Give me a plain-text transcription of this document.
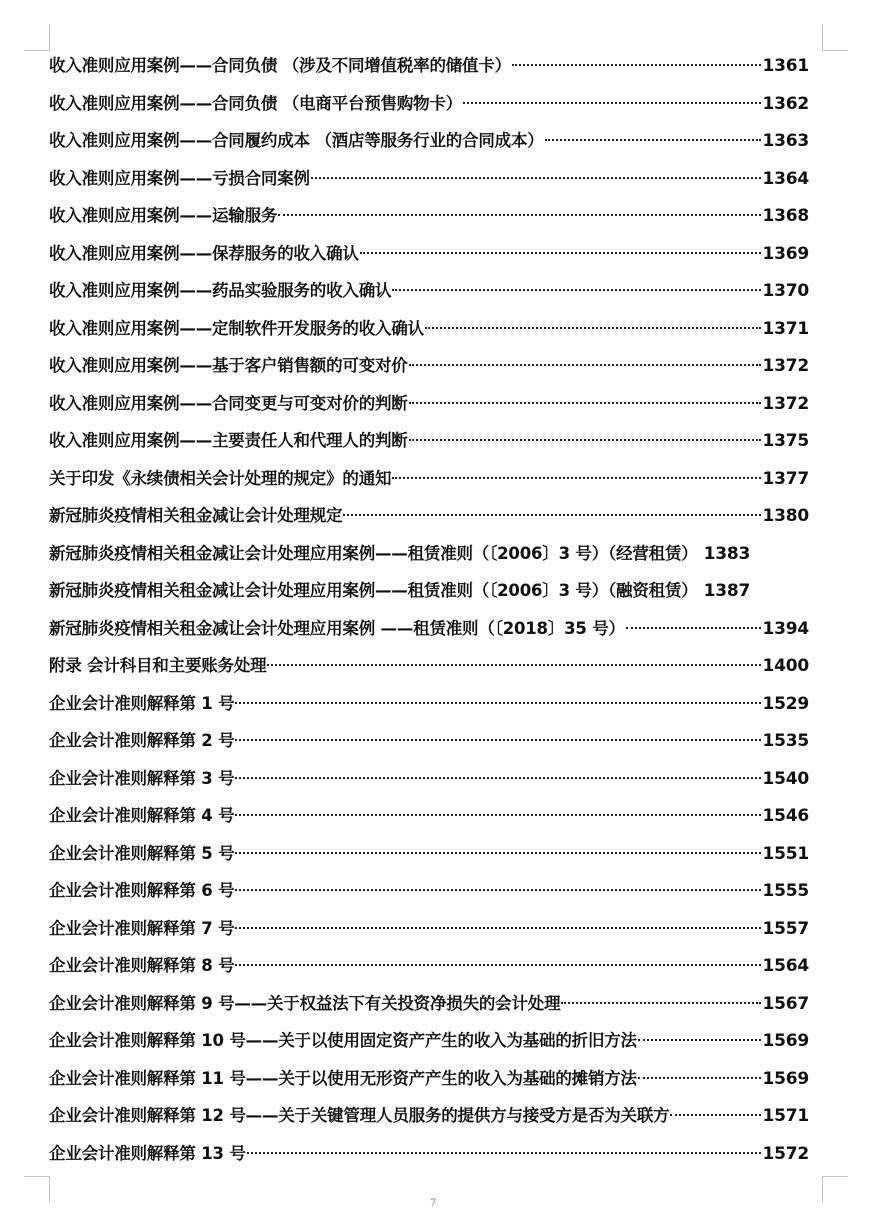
收入准则应用案例——合同负债 （涉及不同增值税率的储值卡）	1361
收入准则应用案例——合同负债 （电商平台预售购物卡）	1362
收入准则应用案例——合同履约成本 （酒店等服务行业的合同成本）	1363
收入准则应用案例——亏损合同案例	1364
收入准则应用案例——运输服务	1368
收入准则应用案例——保荐服务的收入确认	1369
收入准则应用案例——药品实验服务的收入确认	1370
收入准则应用案例——定制软件开发服务的收入确认	1371
收入准则应用案例——基于客户销售额的可变对价	1372
收入准则应用案例——合同变更与可变对价的判断	1372
收入准则应用案例——主要责任人和代理人的判断	1375
关于印发《永续债相关会计处理的规定》的通知	1377
新冠肺炎疫情相关租金减让会计处理规定	1380
新冠肺炎疫情相关租金减让会计处理应用案例——租赁准则（〔2006〕3 号）（经营租赁） 1383
新冠肺炎疫情相关租金减让会计处理应用案例——租赁准则（〔2006〕3 号）（融资租赁） 1387
新冠肺炎疫情相关租金减让会计处理应用案例 ——租赁准则（〔2018〕35 号）	1394
附录 会计科目和主要账务处理	1400
企业会计准则解释第 1 号	1529
企业会计准则解释第 2 号	1535
企业会计准则解释第 3 号	1540
企业会计准则解释第 4 号	1546
企业会计准则解释第 5 号	1551
企业会计准则解释第 6 号	1555
企业会计准则解释第 7 号	1557
企业会计准则解释第 8 号	1564
企业会计准则解释第 9 号——关于权益法下有关投资净损失的会计处理	1567
企业会计准则解释第 10 号——关于以使用固定资产产生的收入为基础的折旧方法	1569
企业会计准则解释第 11 号——关于以使用无形资产产生的收入为基础的摊销方法	1569
企业会计准则解释第 12 号——关于关键管理人员服务的提供方与接受方是否为关联方	1571
企业会计准则解释第 13 号	1572
7
